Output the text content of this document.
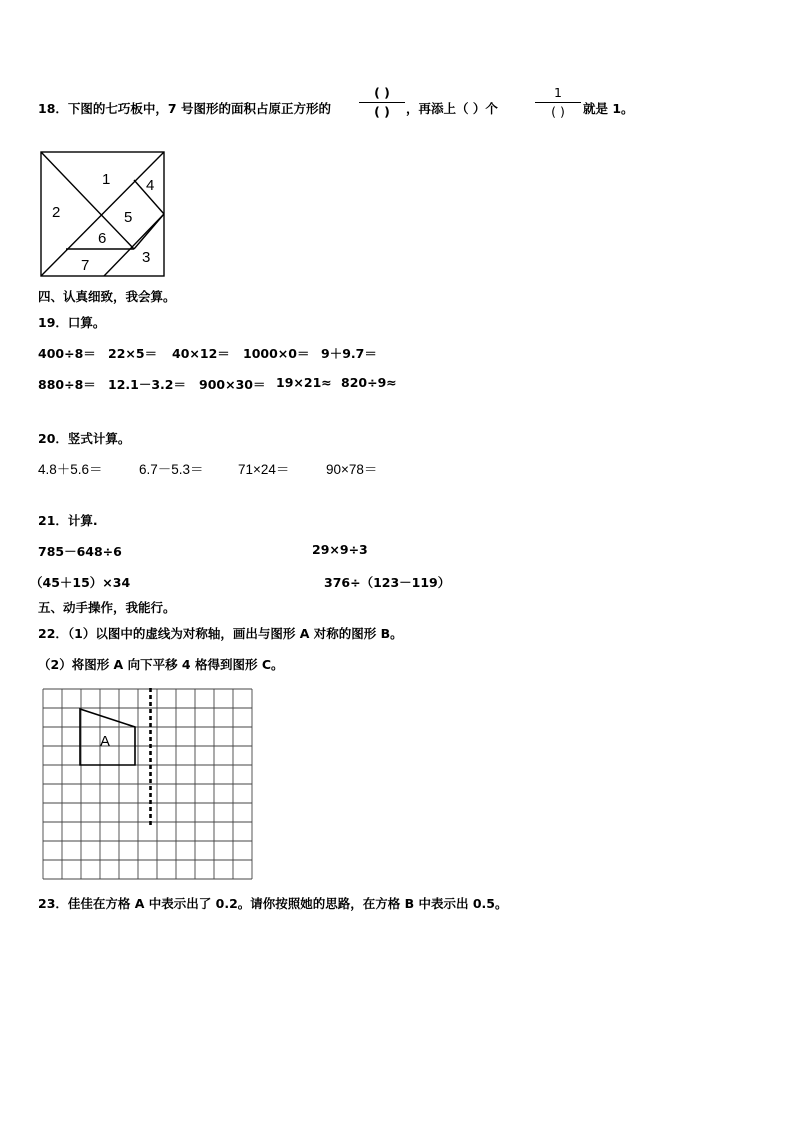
18．下图的七巧板中，7 号图形的面积占原正方形的
( )
( ) ，再添上（ ）个
1
( ) 就是 1。
1
2
3
4
5
6
7
四、认真细致，我会算。
19．口算。
400÷8＝ 22×5＝ 40×12＝ 1000×0＝ 9＋9.7＝
880÷8＝ 12.1－3.2＝ 900×30＝ 19×21≈ 820÷9≈
20．竖式计算。
4.8＋5.6＝	6.7－5.3＝	71×24＝	90×78＝
21．计算.
785－648÷6	29×9÷3
（45＋15）×34	376÷（123－119）
五、动手操作，我能行。
22．（1）以图中的虚线为对称轴，画出与图形 A 对称的图形 B。
（2）将图形 A 向下平移 4 格得到图形 C。
A
23．佳佳在方格 A 中表示出了 0.2。请你按照她的思路，在方格 B 中表示出 0.5。
